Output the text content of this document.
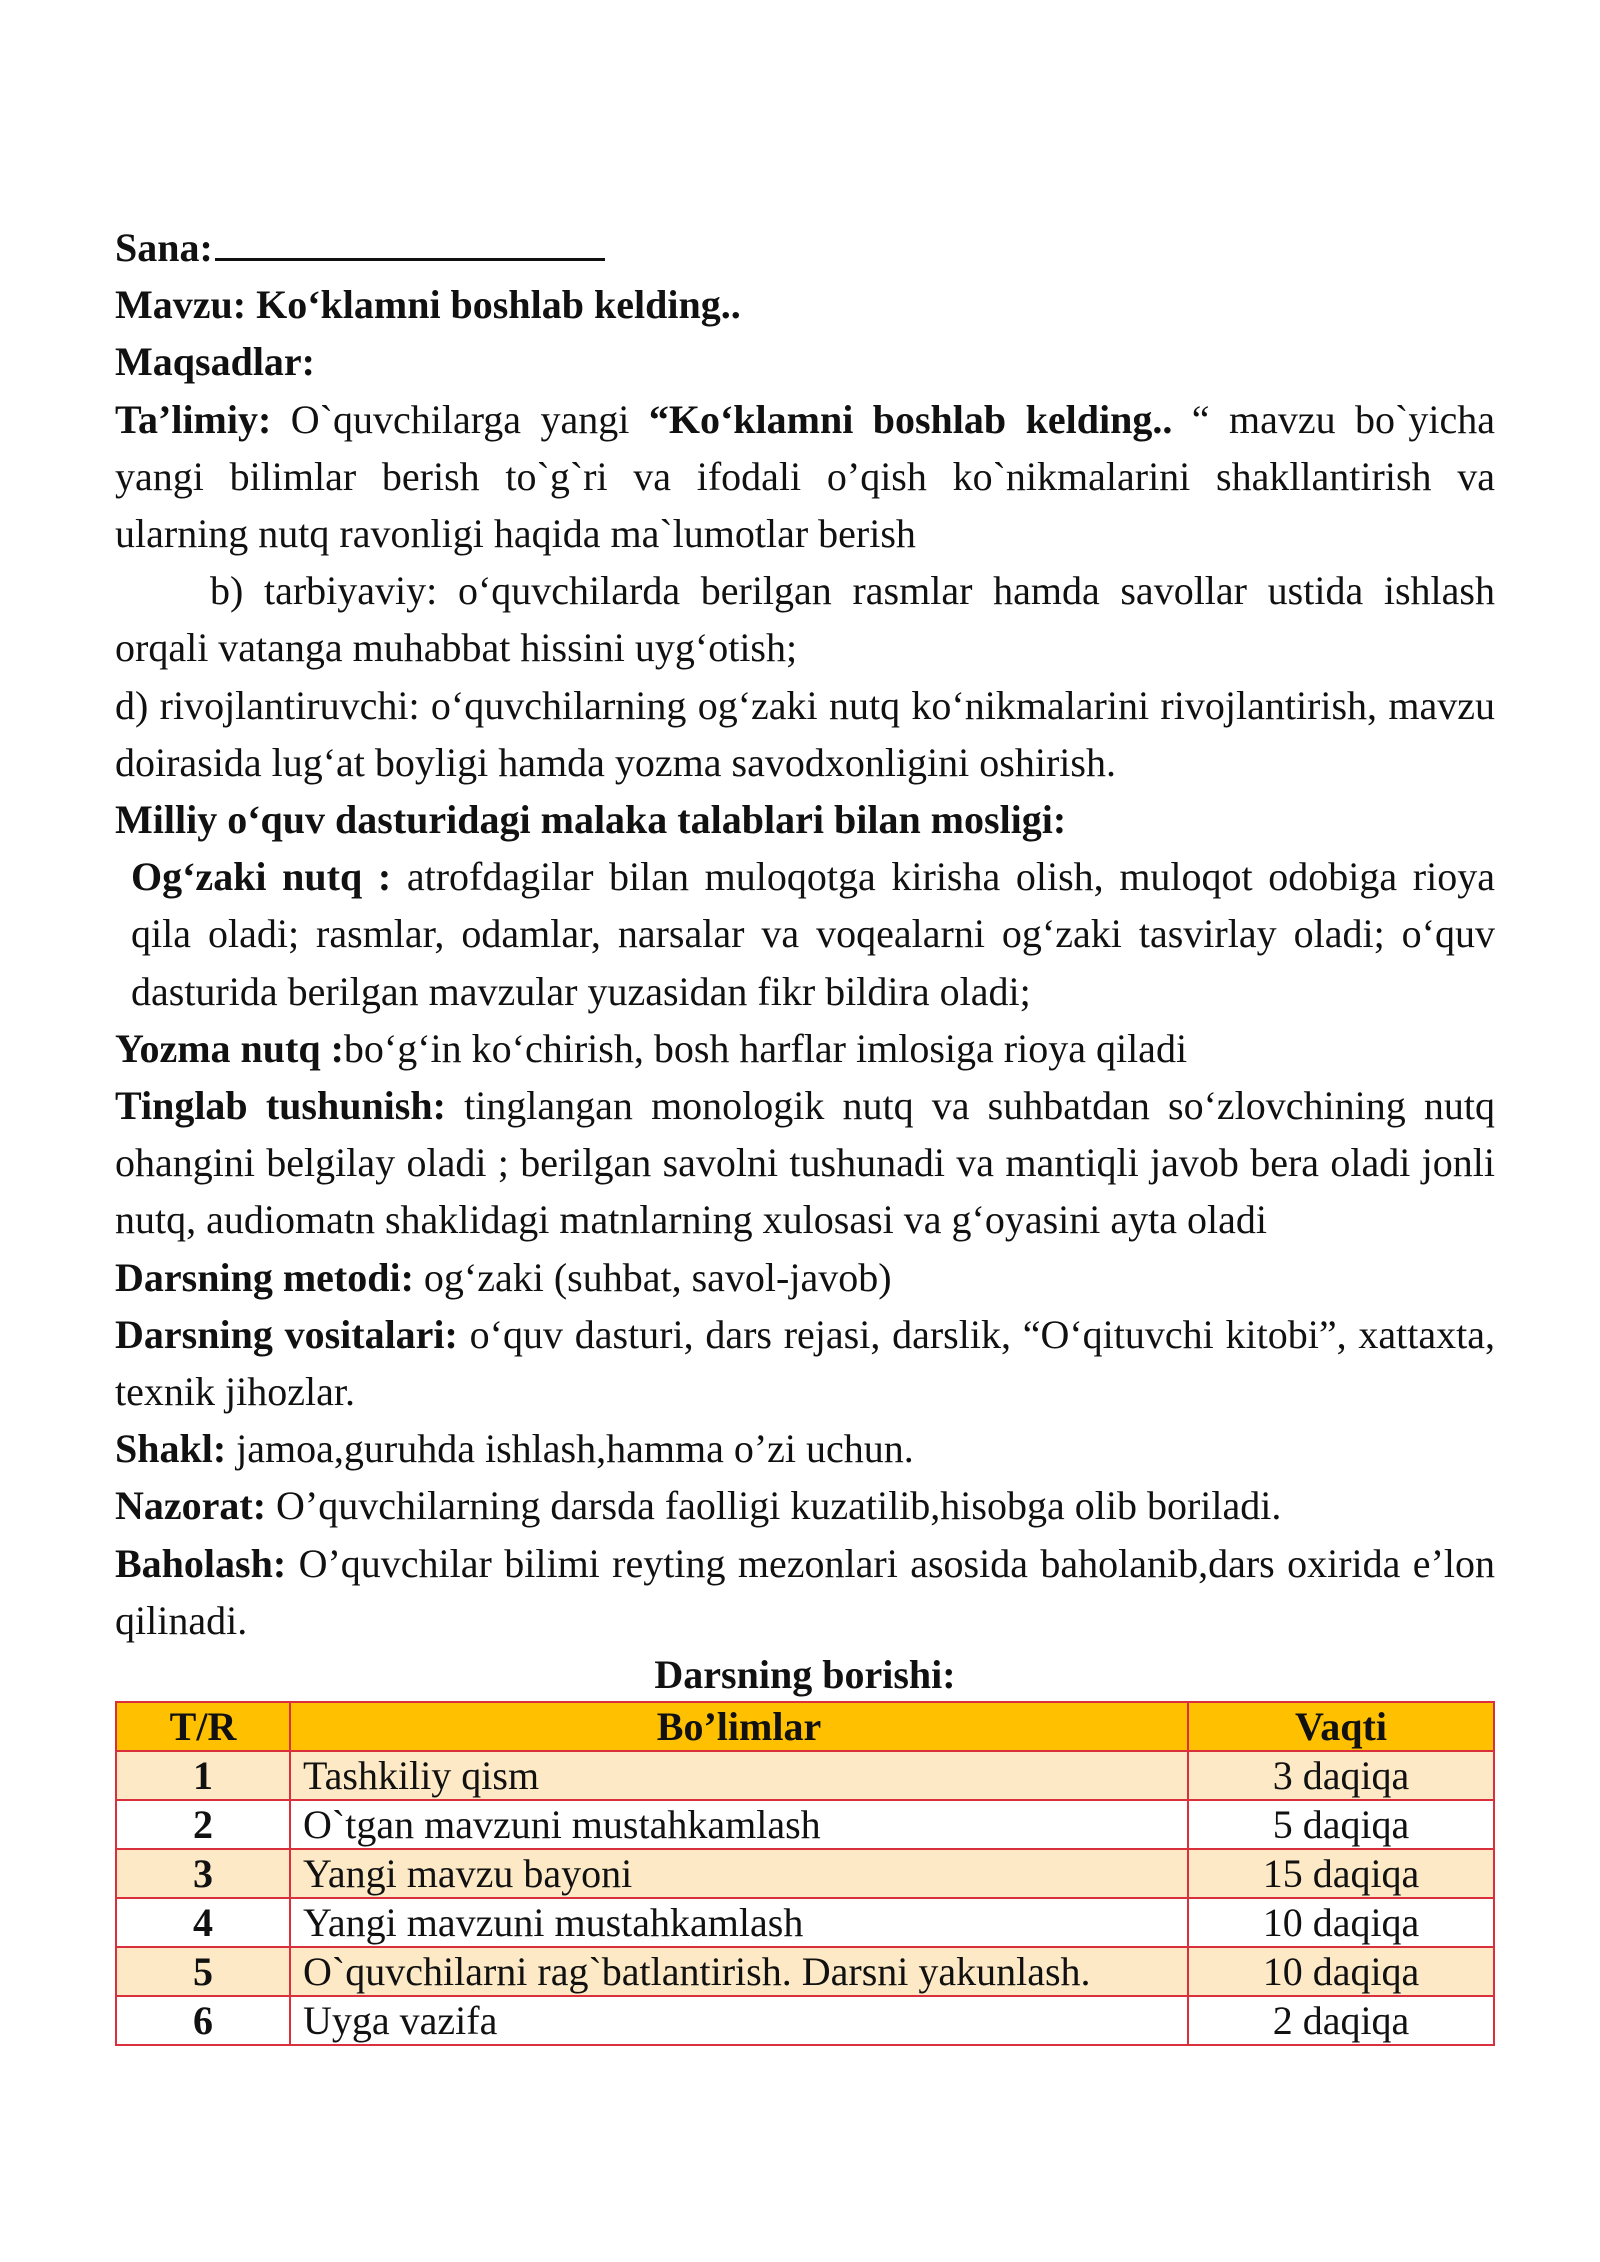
Sana:

Mavzu: Ko‘klamni boshlab kelding..

Maqsadlar:

Ta’limiy: O`quvchilarga yangi “Ko‘klamni boshlab kelding.. “ mavzu bo`yicha yangi bilimlar berish to`g`ri va ifodali o’qish ko`nikmalarini shakllantirish va ularning nutq ravonligi haqida ma`lumotlar berish

b) tarbiyaviy: o‘quvchilarda berilgan rasmlar hamda savollar ustida ishlash orqali vatanga muhabbat hissini uyg‘otish;

d) rivojlantiruvchi: o‘quvchilarning og‘zaki nutq ko‘nikmalarini rivojlantirish, mavzu doirasida lug‘at boyligi hamda yozma savodxonligini oshirish.

Milliy o‘quv dasturidagi malaka talablari bilan mosligi:

Og‘zaki nutq : atrofdagilar bilan muloqotga kirisha olish, muloqot odobiga rioya qila oladi; rasmlar, odamlar, narsalar va voqealarni og‘zaki tasvirlay oladi; o‘quv dasturida berilgan mavzular yuzasidan fikr bildira oladi;

Yozma nutq :bo‘g‘in ko‘chirish, bosh harflar imlosiga rioya qiladi

Tinglab tushunish: tinglangan monologik nutq va suhbatdan so‘zlovchining nutq ohangini belgilay oladi ; berilgan savolni tushunadi va mantiqli javob bera oladi jonli nutq, audiomatn shaklidagi matnlarning xulosasi va g‘oyasini ayta oladi

Darsning metodi: og‘zaki (suhbat, savol-javob)

Darsning vositalari: o‘quv dasturi, dars rejasi, darslik, “O‘qituvchi kitobi”, xattaxta, texnik jihozlar.

Shakl: jamoa,guruhda ishlash,hamma o’zi uchun.

Nazorat: O’quvchilarning darsda faolligi kuzatilib,hisobga olib boriladi.

Baholash: O’quvchilar bilimi reyting mezonlari asosida baholanib,dars oxirida e’lon qilinadi.

Darsning borishi:
T/R	Bo’limlar	Vaqti
1	Tashkiliy qism	3 daqiqa
2	O`tgan mavzuni mustahkamlash	5 daqiqa
3	Yangi mavzu bayoni	15 daqiqa
4	Yangi mavzuni mustahkamlash	10 daqiqa
5	O`quvchilarni rag`batlantirish. Darsni yakunlash.	10 daqiqa
6	Uyga vazifa	2 daqiqa
